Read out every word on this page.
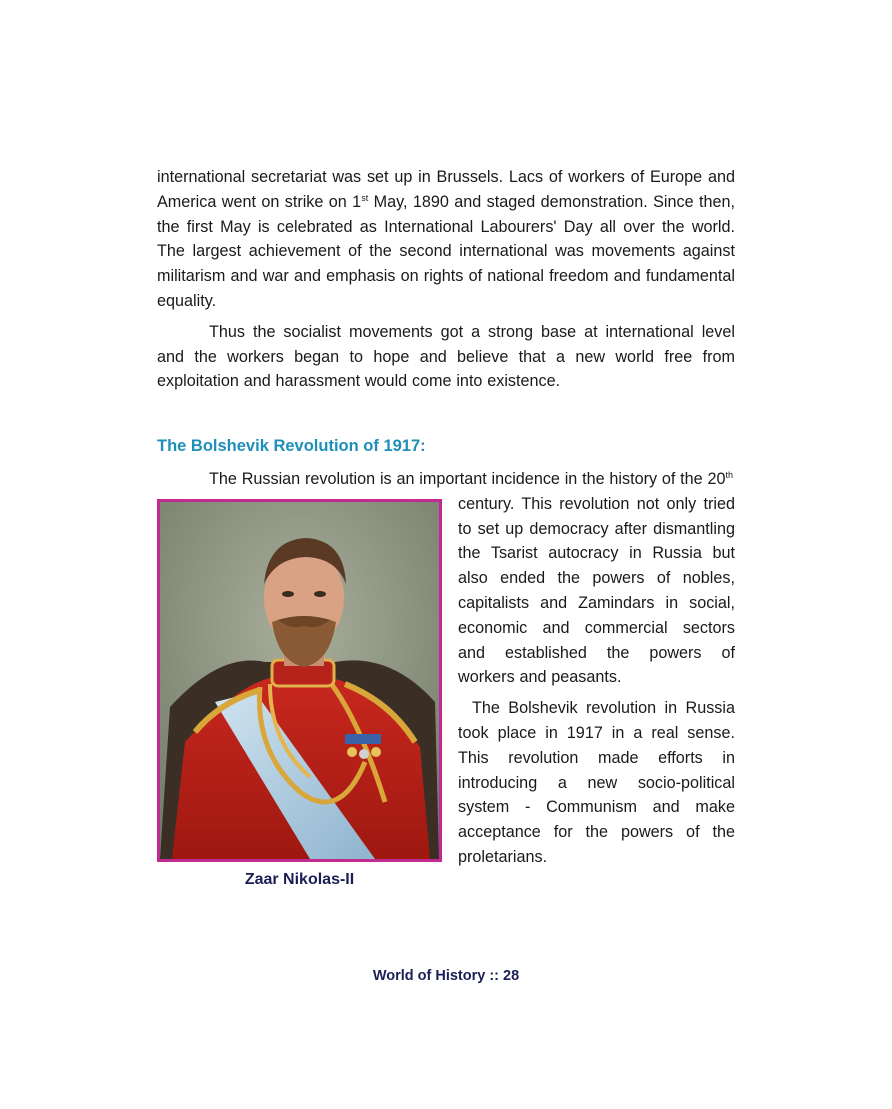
international secretariat was set up in Brussels. Lacs of workers of Europe and America went on strike on 1st May, 1890 and staged demonstration. Since then, the first May is celebrated as International Labourers' Day all over the world. The largest achievement of the second international was movements against militarism and war and emphasis on rights of national freedom and fundamental equality.

Thus the socialist movements got a strong base at international level and the workers began to hope and believe that a new world free from exploitation and harassment would come into existence.

The Bolshevik Revolution of 1917:

The Russian revolution is an important incidence in the history of the 20th

Zaar Nikolas-II

century. This revolution not only tried to set up democracy after dismantling the Tsarist autocracy in Russia but also ended the powers of nobles, capitalists and Zamindars in social, economic and commercial sectors and established the powers of workers and peasants.

The Bolshevik revolution in Russia took place in 1917 in a real sense. This revolution made efforts in introducing a new socio-political system - Communism and make acceptance for the powers of the proletarians.

World of History :: 28
